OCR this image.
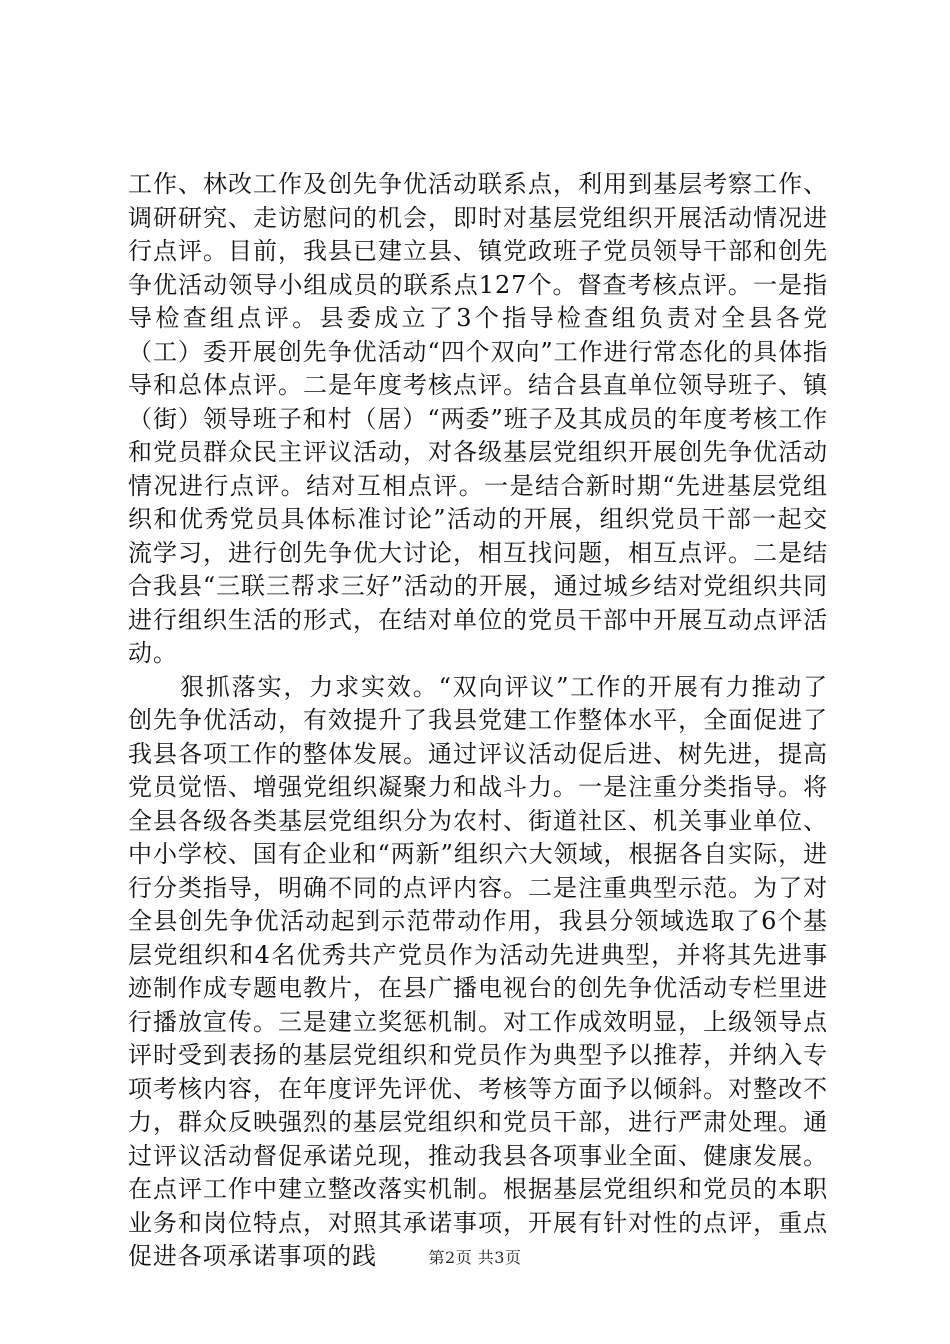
工作、林改工作及创先争优活动联系点，利用到基层考察工作、调研研究、走访慰问的机会，即时对基层党组织开展活动情况进行点评。目前，我县已建立县、镇党政班子党员领导干部和创先争优活动领导小组成员的联系点127个。督查考核点评。一是指导检查组点评。县委成立了3个指导检查组负责对全县各党（工）委开展创先争优活动“四个双向”工作进行常态化的具体指导和总体点评。二是年度考核点评。结合县直单位领导班子、镇（街）领导班子和村（居）“两委”班子及其成员的年度考核工作和党员群众民主评议活动，对各级基层党组织开展创先争优活动情况进行点评。结对互相点评。一是结合新时期“先进基层党组织和优秀党员具体标准讨论”活动的开展，组织党员干部一起交流学习，进行创先争优大讨论，相互找问题，相互点评。二是结合我县“三联三帮求三好”活动的开展，通过城乡结对党组织共同进行组织生活的形式，在结对单位的党员干部中开展互动点评活动。

狠抓落实，力求实效。“双向评议”工作的开展有力推动了创先争优活动，有效提升了我县党建工作整体水平，全面促进了我县各项工作的整体发展。通过评议活动促后进、树先进，提高党员觉悟、增强党组织凝聚力和战斗力。一是注重分类指导。将全县各级各类基层党组织分为农村、街道社区、机关事业单位、中小学校、国有企业和“两新”组织六大领域，根据各自实际，进行分类指导，明确不同的点评内容。二是注重典型示范。为了对全县创先争优活动起到示范带动作用，我县分领域选取了6个基层党组织和4名优秀共产党员作为活动先进典型，并将其先进事迹制作成专题电教片，在县广播电视台的创先争优活动专栏里进行播放宣传。三是建立奖惩机制。对工作成效明显，上级领导点评时受到表扬的基层党组织和党员作为典型予以推荐，并纳入专项考核内容，在年度评先评优、考核等方面予以倾斜。对整改不力，群众反映强烈的基层党组织和党员干部，进行严肃处理。通过评议活动督促承诺兑现，推动我县各项事业全面、健康发展。在点评工作中建立整改落实机制。根据基层党组织和党员的本职业务和岗位特点，对照其承诺事项，开展有针对性的点评，重点促进各项承诺事项的践	第2页 共3页
